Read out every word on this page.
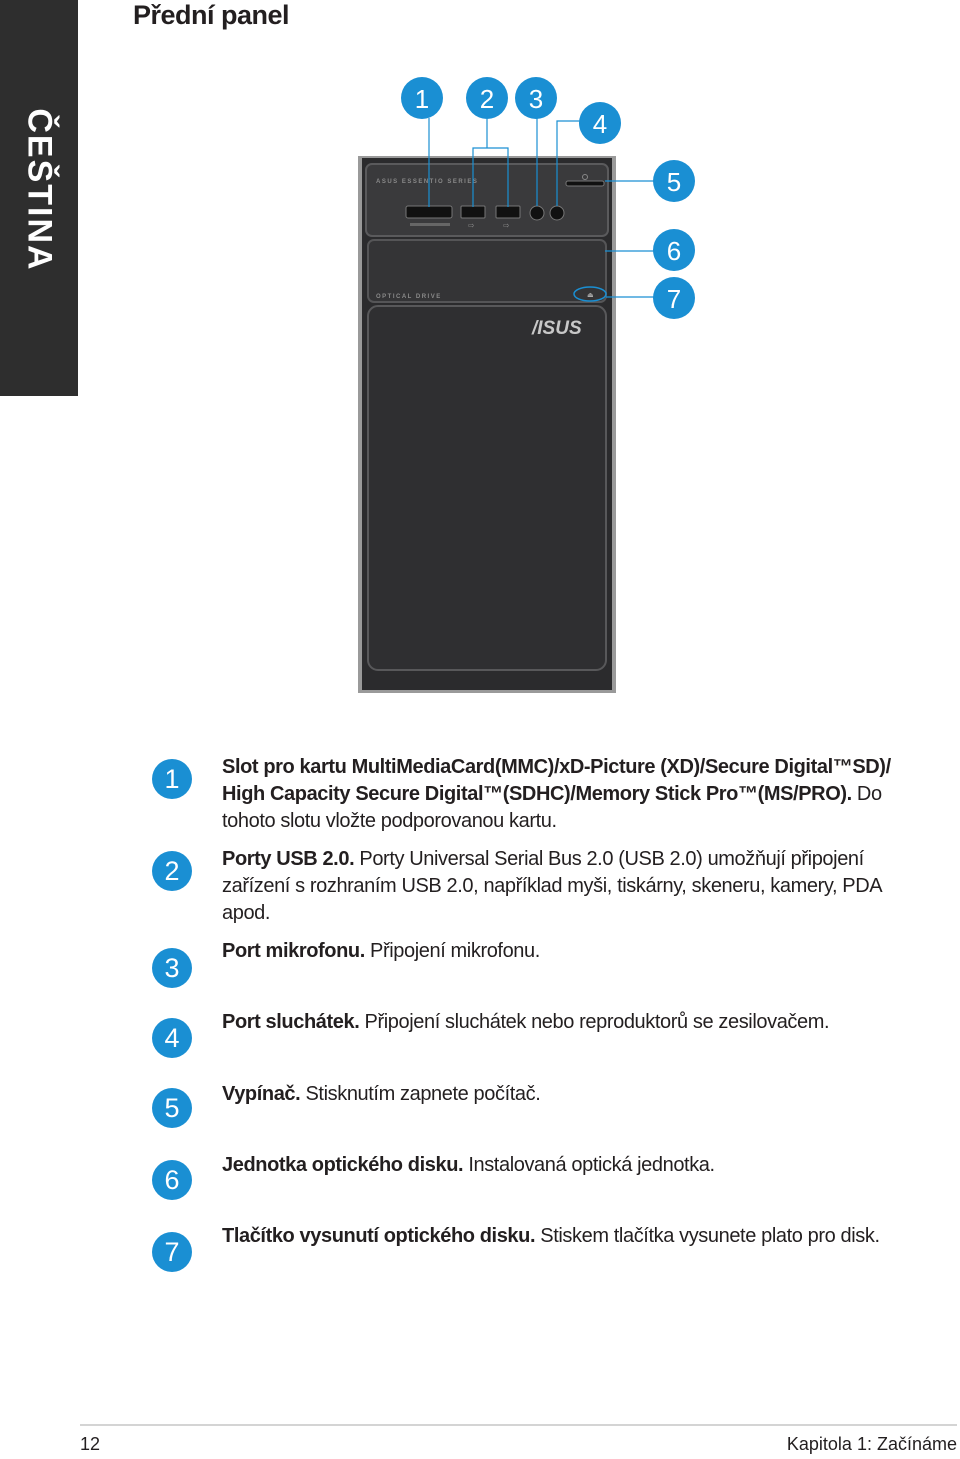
ČEŠTINA
Přední panel
ASUS ESSENTIO SERIES
OPTICAL DRIVE
/ISUS
⇨	⇨
⏏
1 2 3
4
5
6
7
1	Slot pro kartu MultiMediaCard(MMC)/xD-Picture (XD)/Secure Digital™SD)/ High Capacity Secure Digital™(SDHC)/Memory Stick Pro™(MS/PRO). Do tohoto slotu vložte podporovanou kartu.
2	Porty USB 2.0. Porty Universal Serial Bus 2.0 (USB 2.0) umožňují připojení zařízení s rozhraním USB 2.0, například myši, tiskárny, skeneru, kamery, PDA apod.
3
Port mikrofonu. Připojení mikrofonu.
4
Port sluchátek. Připojení sluchátek nebo reproduktorů se zesilovačem.
5	Vypínač. Stisknutím zapnete počítač.
6	Jednotka optického disku. Instalovaná optická jednotka.
7
Tlačítko vysunutí optického disku. Stiskem tlačítka vysunete plato pro disk.
12	Kapitola 1: Začínáme
